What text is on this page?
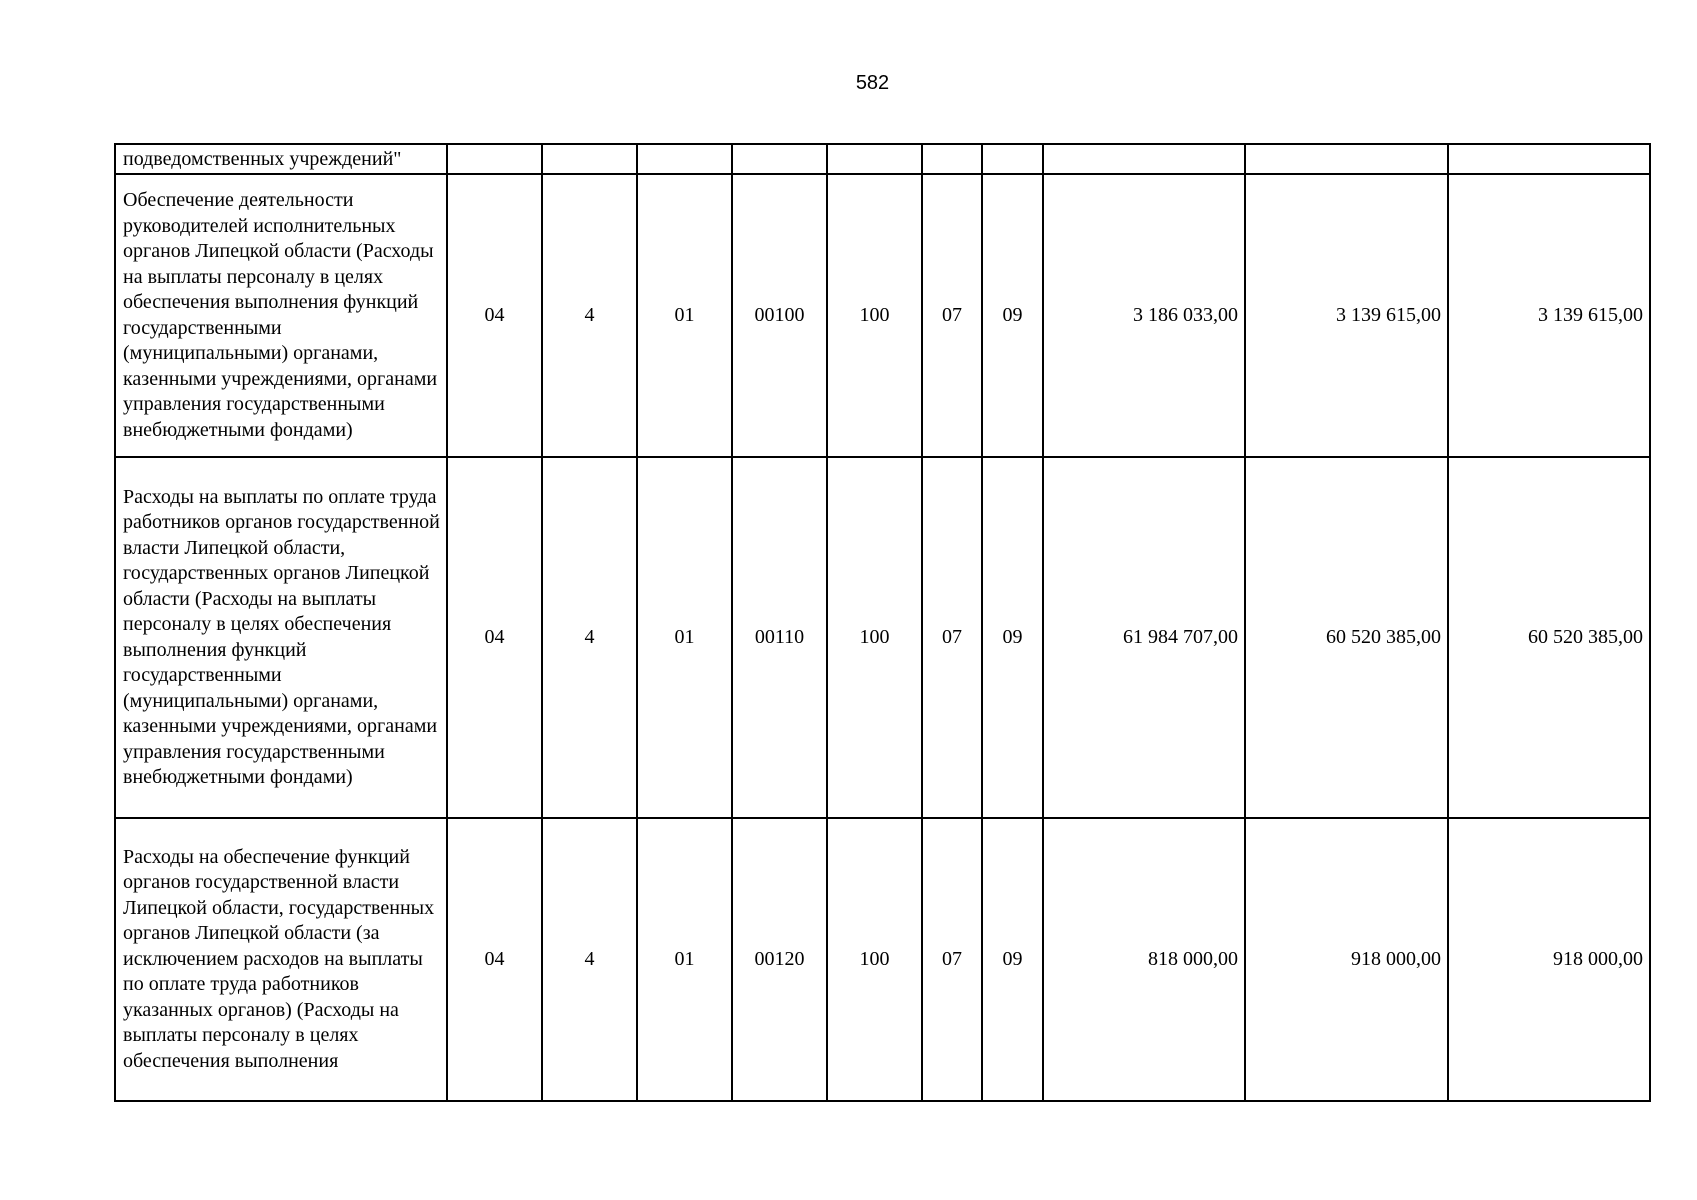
582
подведомственных учреждений"										
Обеспечение деятельности руководителей исполнительных органов Липецкой области (Расходы на выплаты персоналу в целях обеспечения выполнения функций государственными (муниципальными) органами, казенными учреждениями, органами управления государственными внебюджетными фондами)	04	4	01	00100	100	07	09	3 186 033,00	3 139 615,00	3 139 615,00
Расходы на выплаты по оплате труда работников органов государственной власти Липецкой области, государственных органов Липецкой области (Расходы на выплаты персоналу в целях обеспечения выполнения функций государственными (муниципальными) органами, казенными учреждениями, органами управления государственными внебюджетными фондами)	04	4	01	00110	100	07	09	61 984 707,00	60 520 385,00	60 520 385,00
Расходы на обеспечение функций органов государственной власти Липецкой области, государственных органов Липецкой области (за исключением расходов на выплаты по оплате труда работников указанных органов) (Расходы на выплаты персоналу в целях обеспечения выполнения	04	4	01	00120	100	07	09	818 000,00	918 000,00	918 000,00
